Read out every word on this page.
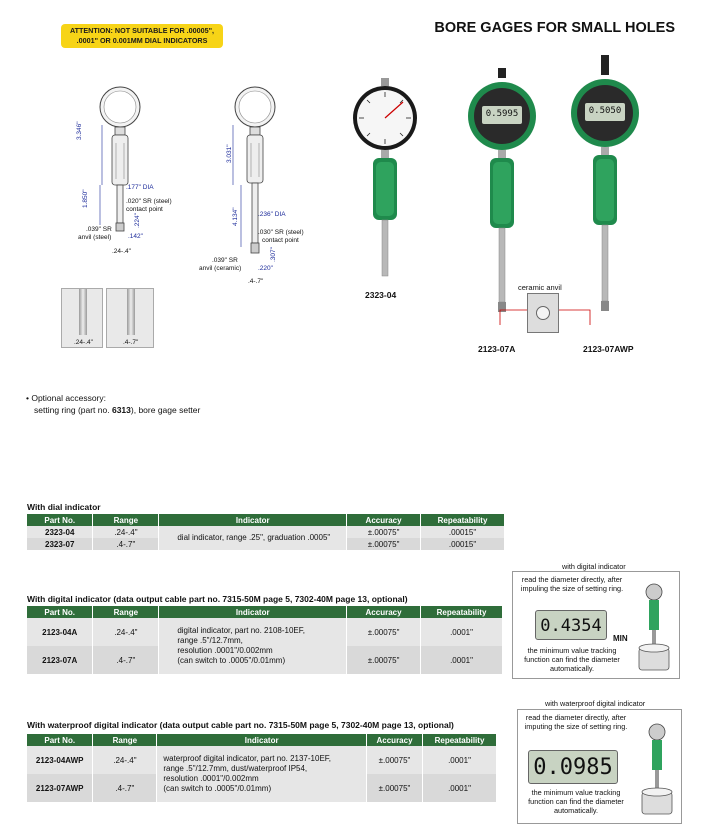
ATTENTION: NOT SUITABLE FOR .00005", .0001" OR 0.001MM DIAL INDICATORS
BORE GAGES FOR SMALL HOLES
3.346"
1.850"
.177" DIA
.020" SR (steel)
contact point
.039" SR
anvil (steel)
.224"
.142"
.24-.4"
3.031"
4.134"	.236" DIA
.030" SR (steel)
contact point
.039" SR
anvil (ceramic)
.307"
.220"
.4-.7"
.24-.4"	.4-.7"
2323-04
0.5995
2123-07A
0.5050
2123-07AWP
ceramic anvil
• Optional accessory:
setting ring (part no. 6313), bore gage setter
With dial indicator
Part No.	Range	Indicator	Accuracy	Repeatability
2323-04	.24-.4"	dial indicator, range .25", graduation .0005"	±.00075"	.00015"
2323-07	.4-.7"		±.00075"	.00015"
With digital indicator (data output cable part no. 7315-50M page 5, 7302-40M page 13, optional)
Part No.	Range	Indicator	Accuracy	Repeatability
2123-04A	.24-.4"	digital indicator, part no. 2108-10EF,
range .5"/12.7mm,
resolution .0001"/0.002mm
(can switch to .0005"/0.01mm)	±.00075"	.0001"
2123-07A	.4-.7"		±.00075"	.0001"
With waterproof digital indicator (data output cable part no. 7315-50M page 5, 7302-40M page 13, optional)
Part No.	Range	Indicator	Accuracy	Repeatability
2123-04AWP	.24-.4"	waterproof digital indicator, part no. 2137-10EF,
range .5"/12.7mm, dust/waterproof IP54,
resolution .0001"/0.002mm
(can switch to .0005"/0.01mm)	±.00075"	.0001"
2123-07AWP	.4-.7"		±.00075"	.0001"
with digital indicator
read the diameter directly, after impuling the size of setting ring.
0.4354
MIN
the minimum value tracking function can find the diameter automatically.
with waterproof digital indicator
read the diameter directly, after imputing the size of setting ring.
0.0985
the minimum value tracking function can find the diameter automatically.
